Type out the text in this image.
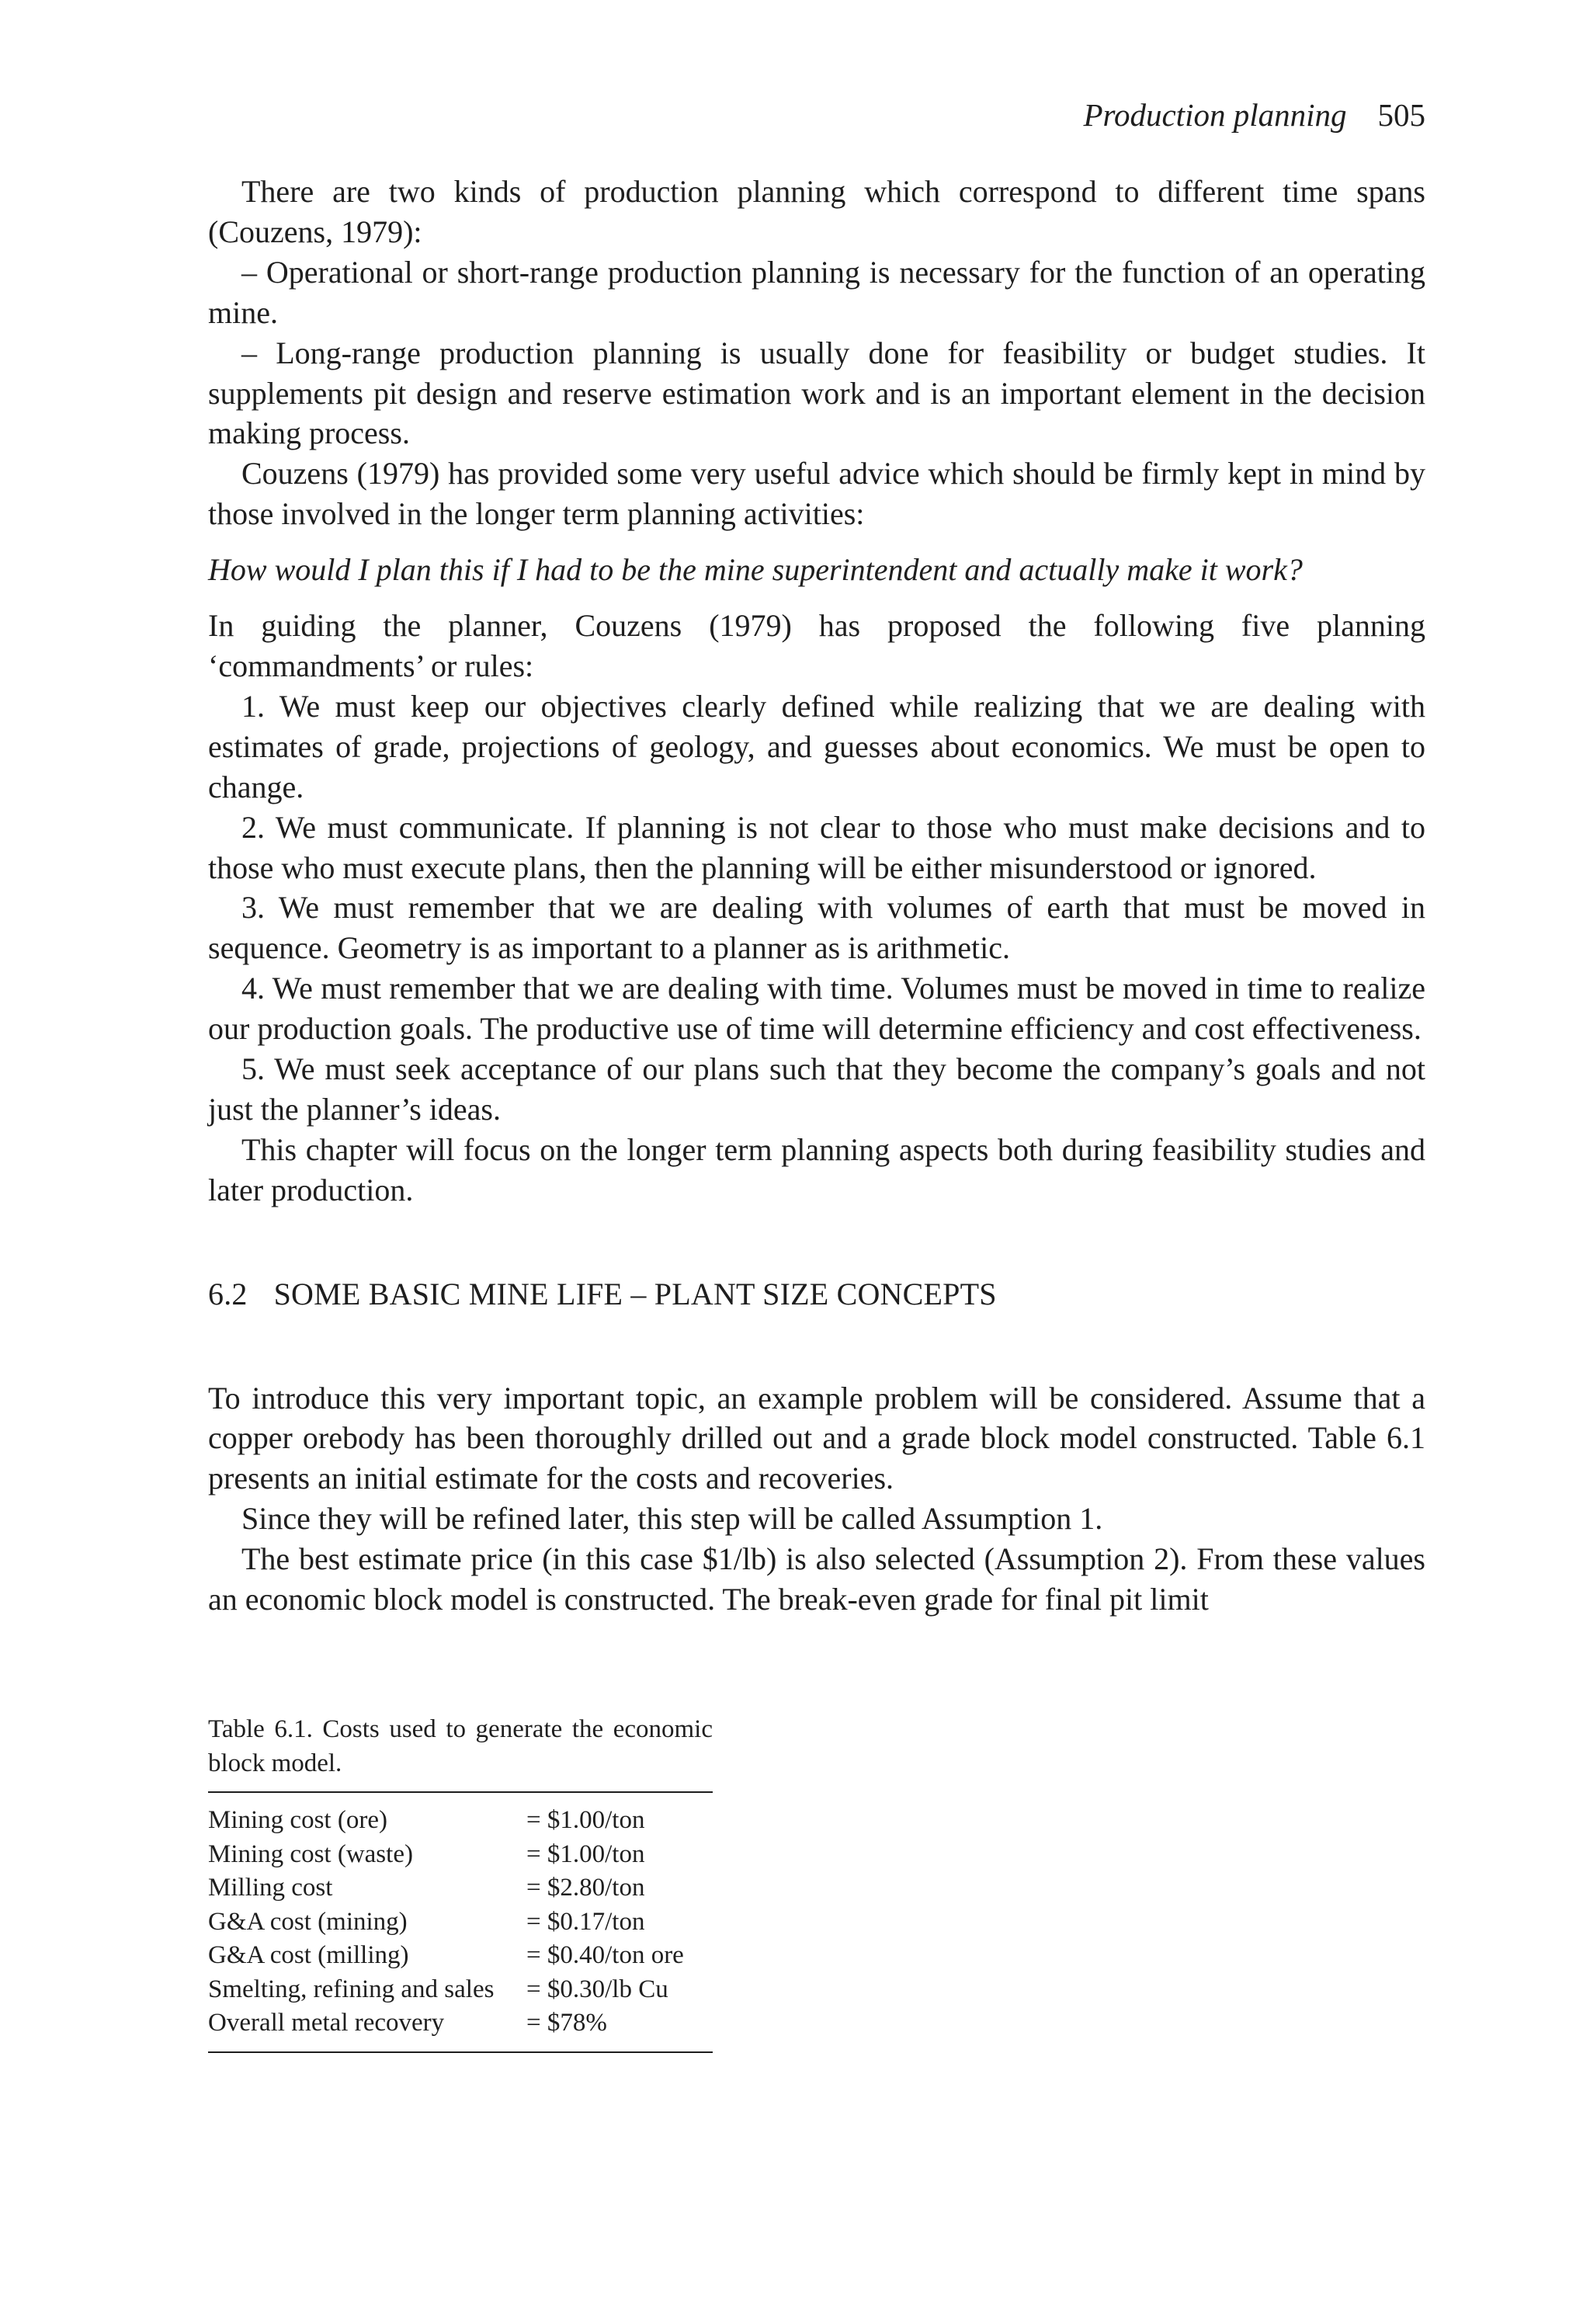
Production planning 505

There are two kinds of production planning which correspond to different time spans (Couzens, 1979):

– Operational or short-range production planning is necessary for the function of an operating mine.

– Long-range production planning is usually done for feasibility or budget studies. It supplements pit design and reserve estimation work and is an important element in the decision making process.

Couzens (1979) has provided some very useful advice which should be firmly kept in mind by those involved in the longer term planning activities:

How would I plan this if I had to be the mine superintendent and actually make it work?

In guiding the planner, Couzens (1979) has proposed the following five planning ‘commandments’ or rules:

1. We must keep our objectives clearly defined while realizing that we are dealing with estimates of grade, projections of geology, and guesses about economics. We must be open to change.

2. We must communicate. If planning is not clear to those who must make decisions and to those who must execute plans, then the planning will be either misunderstood or ignored.

3. We must remember that we are dealing with volumes of earth that must be moved in sequence. Geometry is as important to a planner as is arithmetic.

4. We must remember that we are dealing with time. Volumes must be moved in time to realize our production goals. The productive use of time will determine efficiency and cost effectiveness.

5. We must seek acceptance of our plans such that they become the company’s goals and not just the planner’s ideas.

This chapter will focus on the longer term planning aspects both during feasibility studies and later production.

6.2 SOME BASIC MINE LIFE – PLANT SIZE CONCEPTS

To introduce this very important topic, an example problem will be considered. Assume that a copper orebody has been thoroughly drilled out and a grade block model constructed. Table 6.1 presents an initial estimate for the costs and recoveries.

Since they will be refined later, this step will be called Assumption 1.

The best estimate price (in this case $1/lb) is also selected (Assumption 2). From these values an economic block model is constructed. The break-even grade for final pit limit

Table 6.1. Costs used to generate the economic block model.

Mining cost (ore)	= $1.00/ton
Mining cost (waste)	= $1.00/ton
Milling cost	= $2.80/ton
G&A cost (mining)	= $0.17/ton
G&A cost (milling)	= $0.40/ton ore
Smelting, refining and sales	= $0.30/lb Cu
Overall metal recovery	= $78%
